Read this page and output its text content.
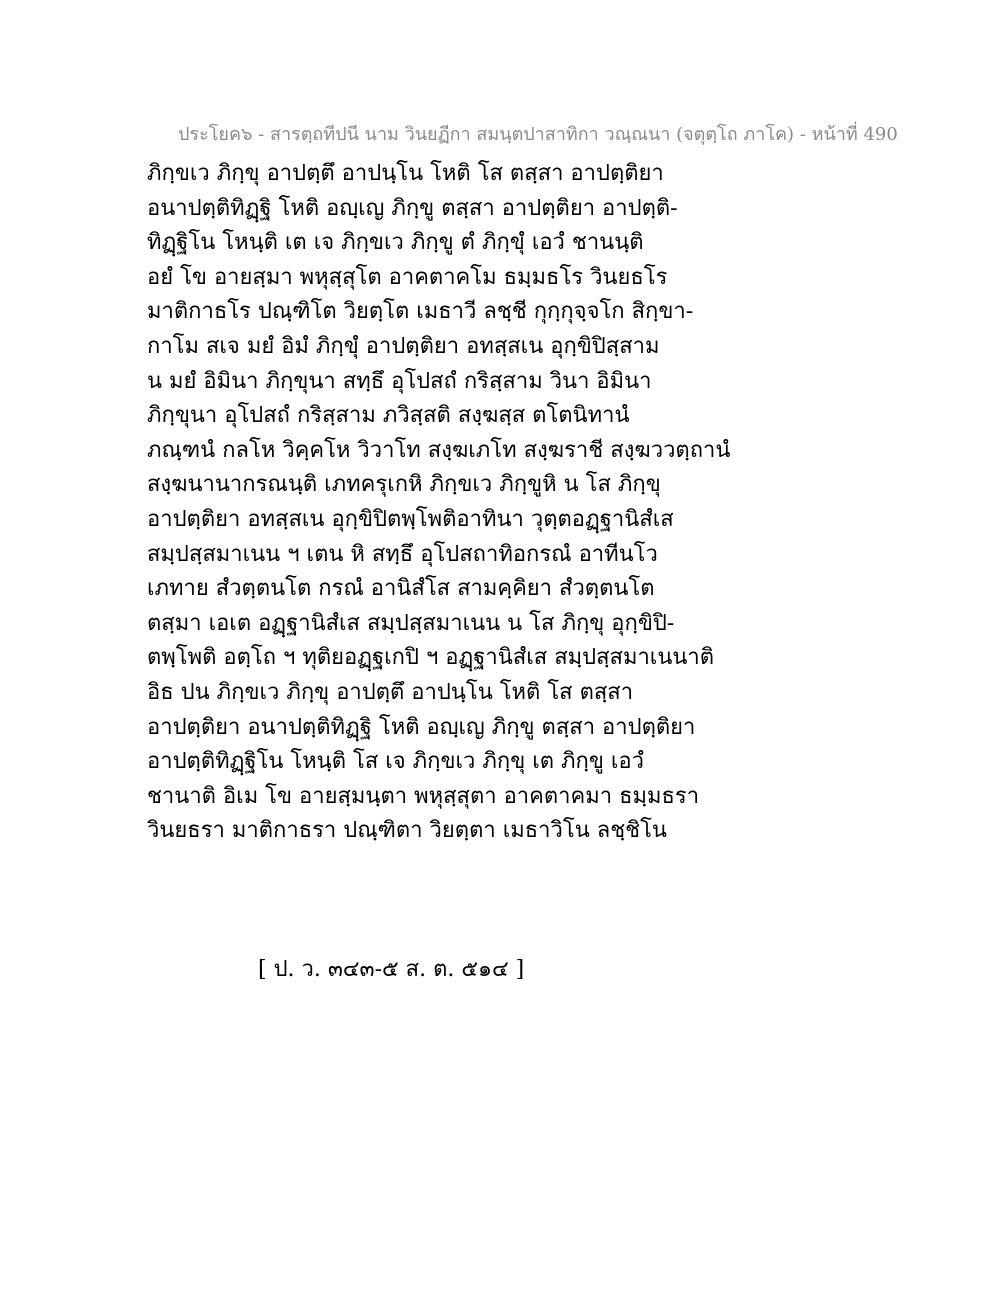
ประโยค๖ - สารตฺถทีปนี นาม วินยฏีกา สมนฺตปาสาทิกา วณฺณนา (จตุตฺโถ ภาโค) - หน้าที่ 490
ภิกฺขเว ภิกฺขุ อาปตฺตึ อาปนฺโน โหติ โส ตสฺสา อาปตฺติยา
อนาปตฺติทิฏฺฐิ โหติ อญฺเญ ภิกฺขู ตสฺสา อาปตฺติยา อาปตฺติ-
ทิฏฺฐิโน โหนฺติ เต เจ ภิกฺขเว ภิกฺขู ตํ ภิกฺขุํ เอวํ ชานนฺติ
อยํ โข อายสฺมา พหุสฺสุโต อาคตาคโม ธมฺมธโร วินยธโร
มาติกาธโร ปณฺฑิโต วิยตฺโต เมธาวี ลชฺชี กุกฺกุจฺจโก สิกฺขา-
กาโม สเจ มยํ อิมํ ภิกฺขุํ อาปตฺติยา อทสฺสเน อุกฺขิปิสฺสาม
น มยํ อิมินา ภิกฺขุนา สทฺธึ อุโปสถํ กริสฺสาม วินา อิมินา
ภิกฺขุนา อุโปสถํ กริสฺสาม ภวิสฺสติ สงฺฆสฺส ตโตนิทานํ
ภณฺฑนํ กลโห วิคฺคโห วิวาโท สงฺฆเภโท สงฺฆราชี สงฺฆววตฺถานํ
สงฺฆนานากรณนฺติ เภทครุเกหิ ภิกฺขเว ภิกฺขูหิ น โส ภิกฺขุ
อาปตฺติยา อทสฺสเน อุกฺขิปิตพฺโพติอาทินา วุตฺตอฏฺฐานิสํเส
สมฺปสฺสมาเนน ฯ เตน หิ สทฺธึ อุโปสถาทิอกรณํ อาทีนโว
เภทาย สํวตฺตนโต กรณํ อานิสํโส สามคฺคิยา สํวตฺตนโต
ตสฺมา เอเต อฏฺฐานิสํเส สมฺปสฺสมาเนน น โส ภิกฺขุ อุกฺขิปิ-
ตพฺโพติ อตฺโถ ฯ ทุติยอฏฺฐเกปิ ฯ อฏฺฐานิสํเส สมฺปสฺสมาเนนาติ
อิธ ปน ภิกฺขเว ภิกฺขุ อาปตฺตึ อาปนฺโน โหติ โส ตสฺสา
อาปตฺติยา อนาปตฺติทิฏฺฐิ โหติ อญฺเญ ภิกฺขู ตสฺสา อาปตฺติยา
อาปตฺติทิฏฺฐิโน โหนฺติ โส เจ ภิกฺขเว ภิกฺขุ เต ภิกฺขู เอวํ
ชานาติ อิเม โข อายสฺมนฺตา พหุสฺสุตา อาคตาคมา ธมฺมธรา
วินยธรา มาติกาธรา ปณฺฑิตา วิยตฺตา เมธาวิโน ลชฺชิโน
[ ป. ว. ๓๔๓-๕ ส. ต. ๕๑๔ ]
